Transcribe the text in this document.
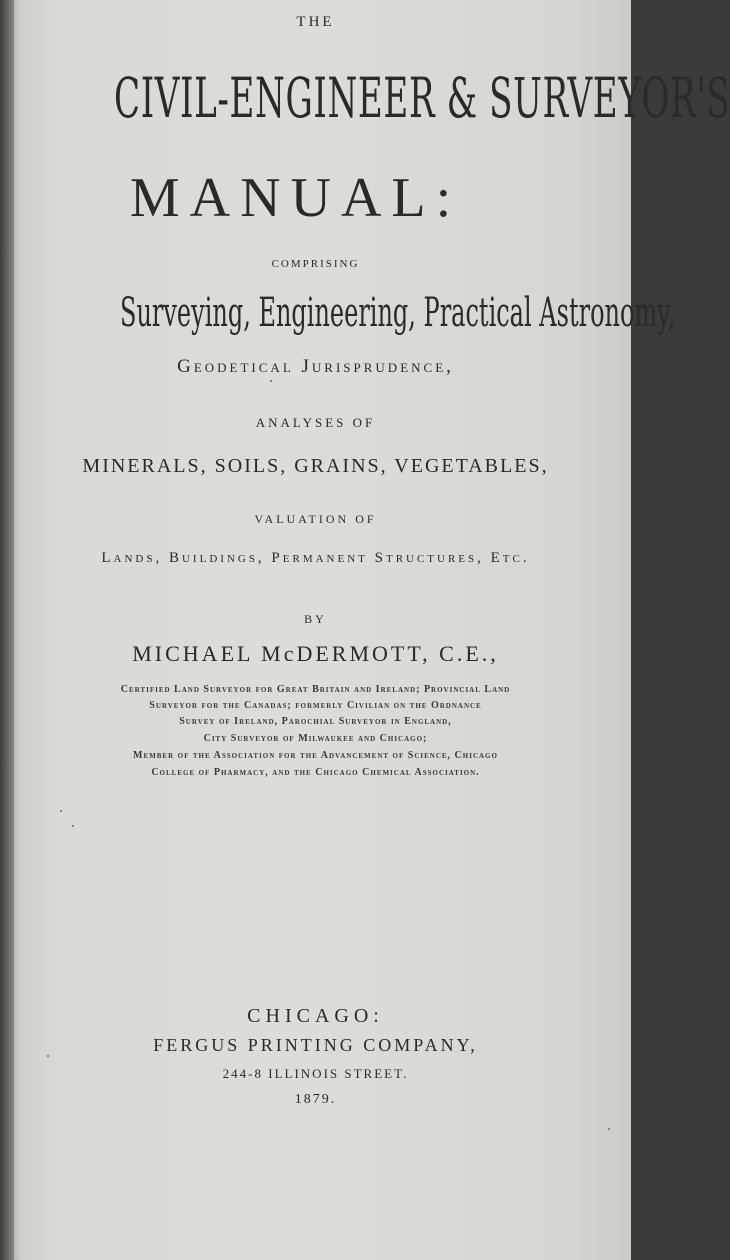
THE
CIVIL-ENGINEER & SURVEYOR'S
MANUAL:
COMPRISING
Surveying, Engineering, Practical Astronomy,
Geodetical Jurisprudence,
ANALYSES OF
MINERALS, SOILS, GRAINS, VEGETABLES,
VALUATION OF
Lands, Buildings, Permanent Structures, Etc.
BY
MICHAEL McDERMOTT, C.E.,
Certified Land Surveyor for Great Britain and Ireland; Provincial Land
Surveyor for the Canadas; formerly Civilian on the Ordnance
Survey of Ireland, Parochial Surveyor in England,
City Surveyor of Milwaukee and Chicago;
Member of the Association for the Advancement of Science, Chicago
College of Pharmacy, and the Chicago Chemical Association.
CHICAGO:
FERGUS PRINTING COMPANY,
244-8 ILLINOIS STREET.
1879.
